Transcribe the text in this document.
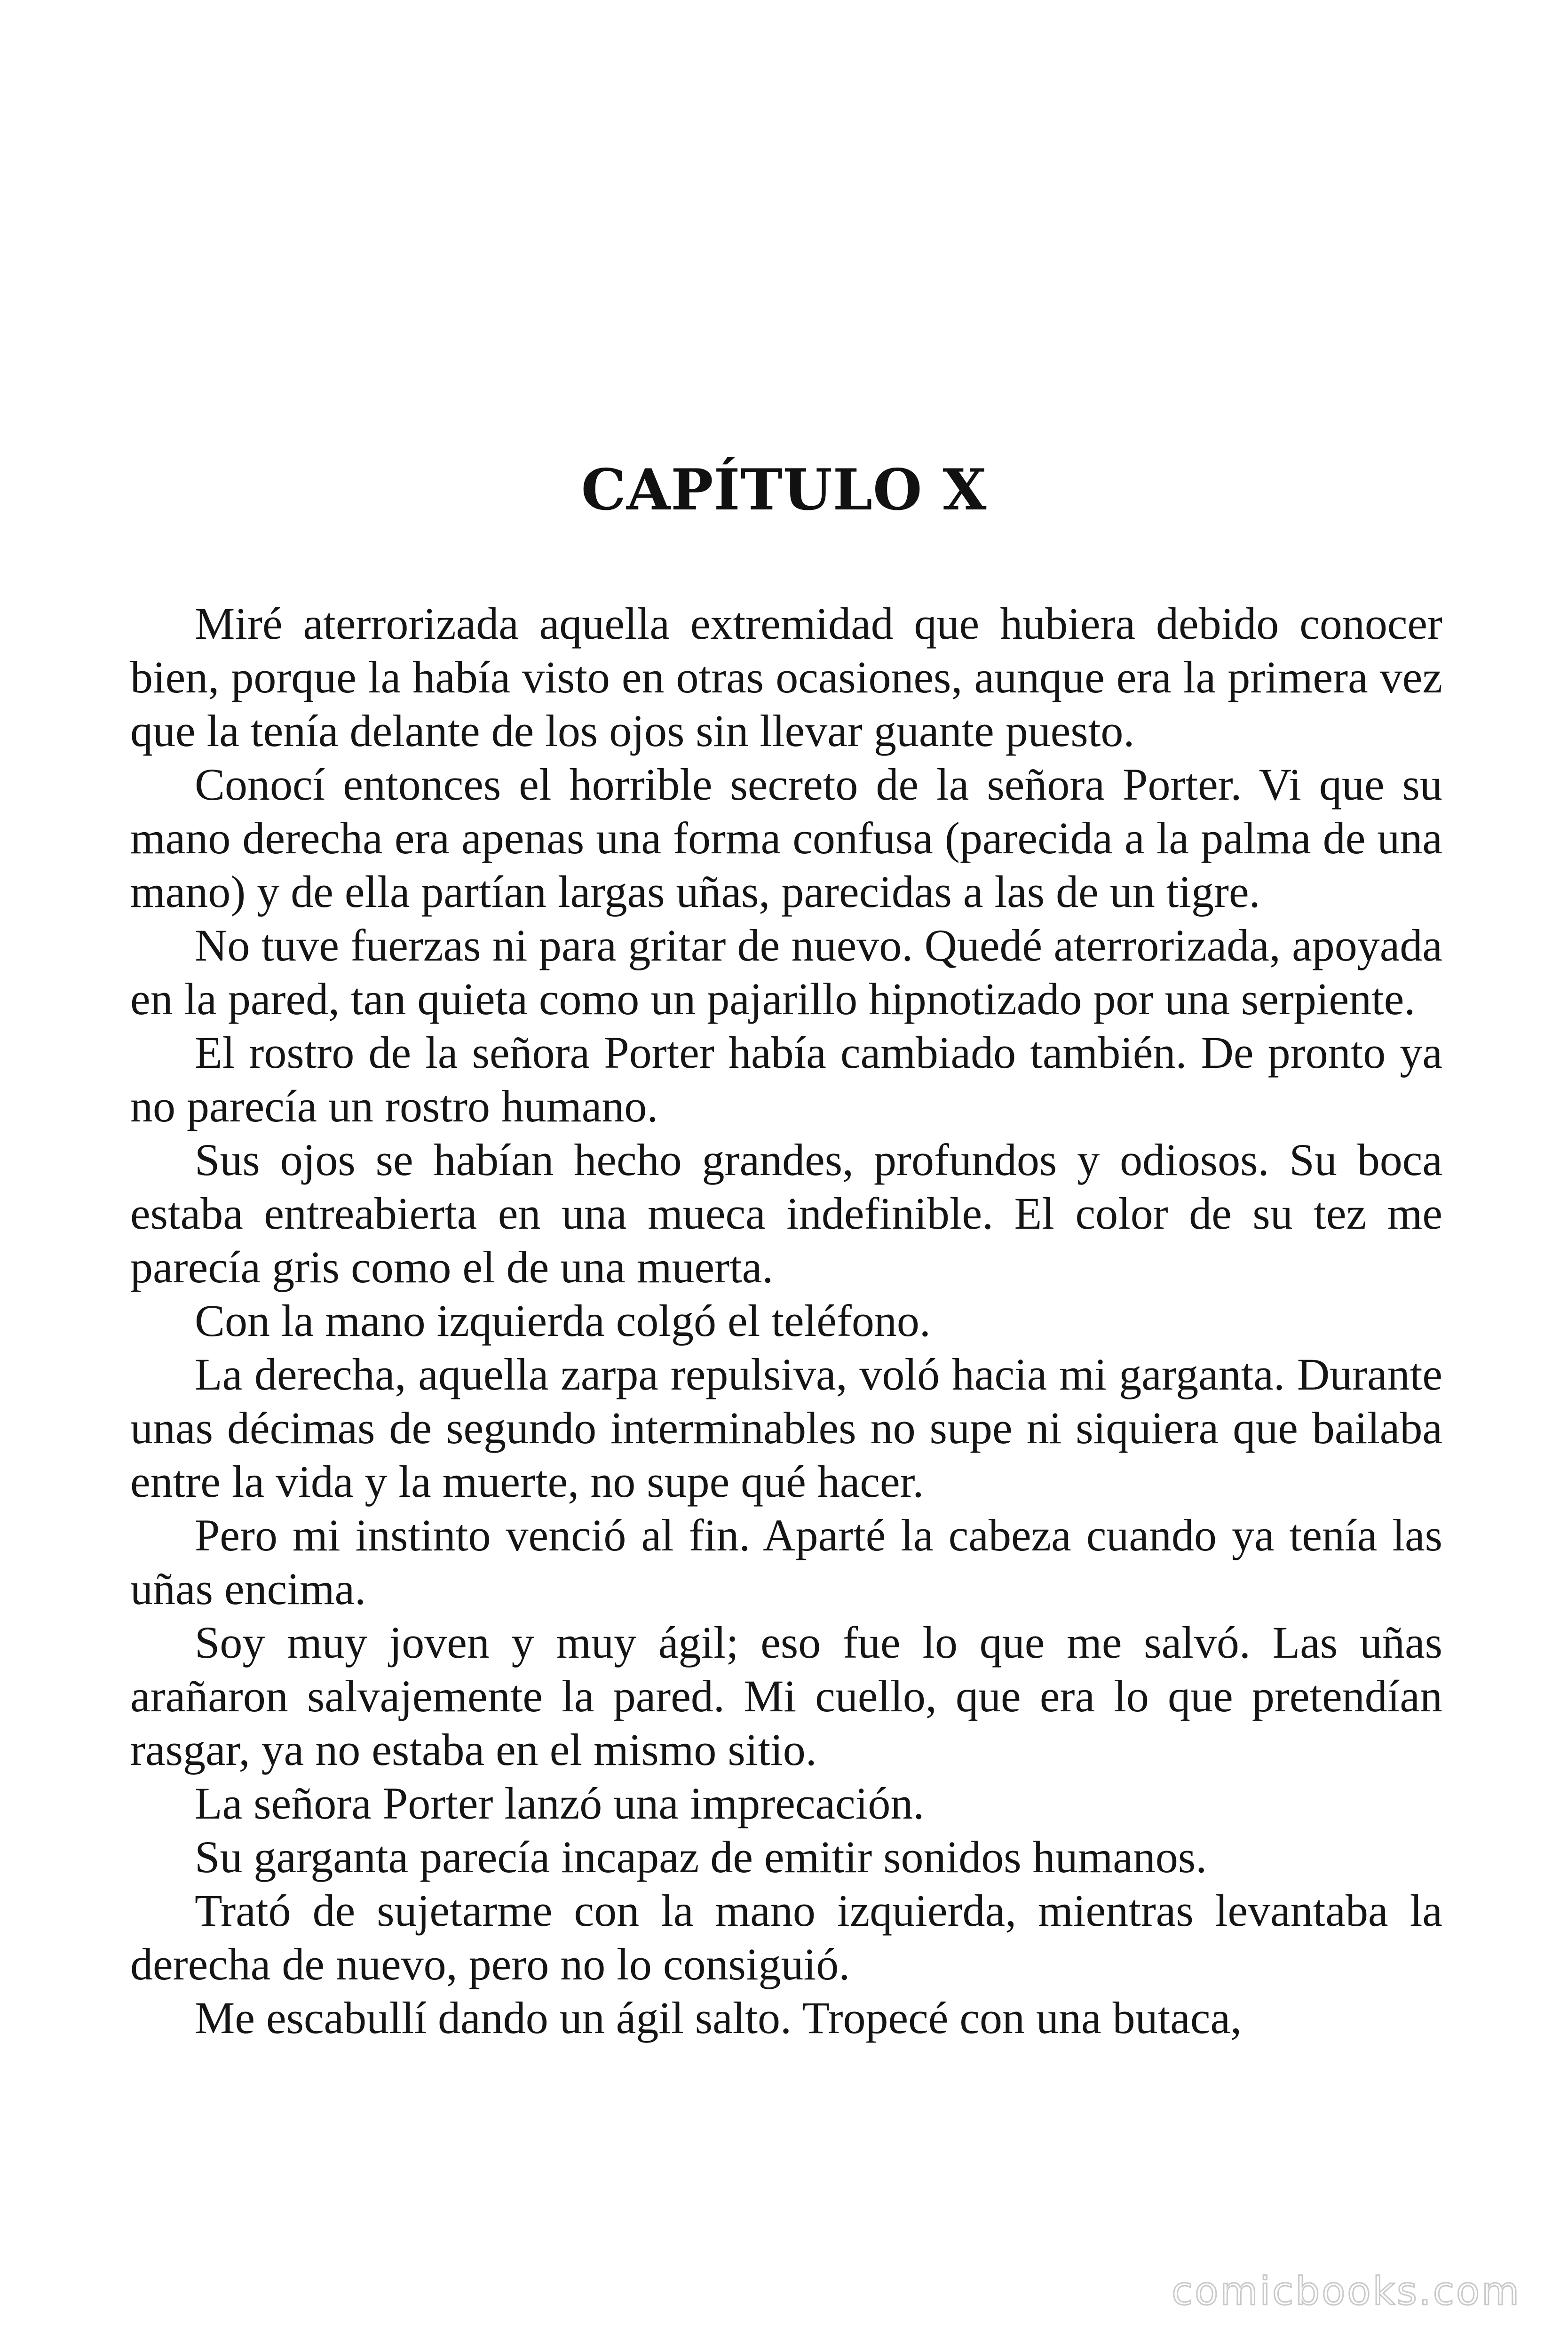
CAPÍTULO X

Miré aterrorizada aquella extremidad que hubiera debido conocer bien, porque la había visto en otras ocasiones, aunque era la primera vez que la tenía delante de los ojos sin llevar guante puesto.

Conocí entonces el horrible secreto de la señora Porter. Vi que su mano derecha era apenas una forma confusa (parecida a la palma de una mano) y de ella partían largas uñas, parecidas a las de un tigre.

No tuve fuerzas ni para gritar de nuevo. Quedé aterrorizada, apoyada en la pared, tan quieta como un pajarillo hipnotizado por una serpiente.

El rostro de la señora Porter había cambiado también. De pronto ya no parecía un rostro humano.

Sus ojos se habían hecho grandes, profundos y odiosos. Su boca estaba entreabierta en una mueca indefinible. El color de su tez me parecía gris como el de una muerta.

Con la mano izquierda colgó el teléfono.

La derecha, aquella zarpa repulsiva, voló hacia mi garganta. Durante unas décimas de segundo interminables no supe ni siquiera que bailaba entre la vida y la muerte, no supe qué hacer.

Pero mi instinto venció al fin. Aparté la cabeza cuando ya tenía las uñas encima.

Soy muy joven y muy ágil; eso fue lo que me salvó. Las uñas arañaron salvajemente la pared. Mi cuello, que era lo que pretendían rasgar, ya no estaba en el mismo sitio.

La señora Porter lanzó una imprecación.

Su garganta parecía incapaz de emitir sonidos humanos.

Trató de sujetarme con la mano izquierda, mientras levantaba la derecha de nuevo, pero no lo consiguió.

Me escabullí dando un ágil salto. Tropecé con una butaca,

comicbooks.com
